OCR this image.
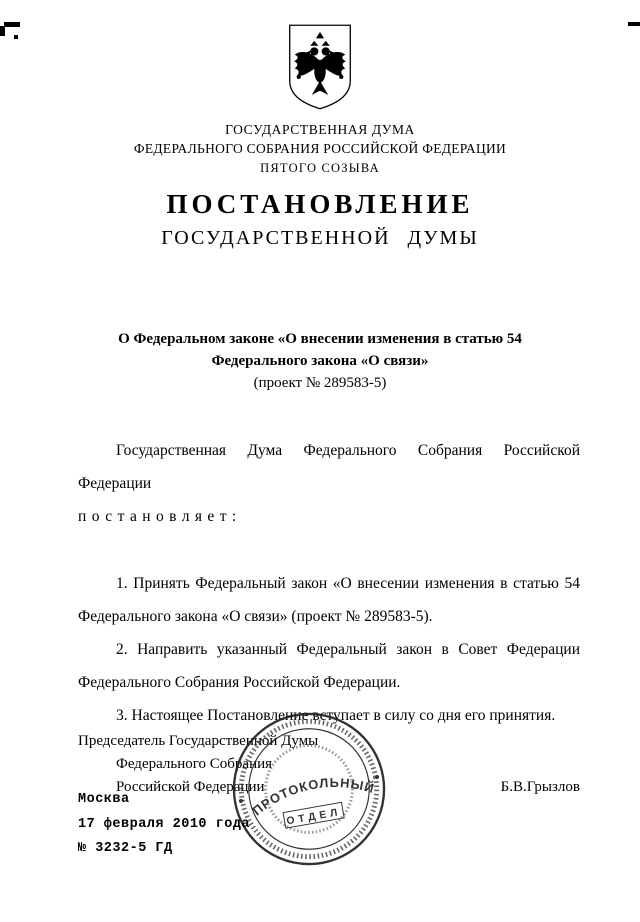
ГОСУДАРСТВЕННАЯ ДУМА
ФЕДЕРАЛЬНОГО СОБРАНИЯ РОССИЙСКОЙ ФЕДЕРАЦИИ
ПЯТОГО СОЗЫВА
ПОСТАНОВЛЕНИЕ
ГОСУДАРСТВЕННОЙ ДУМЫ
О Федеральном законе «О внесении изменения в статью 54
Федерального закона «О связи»
(проект № 289583-5)
Государственная Дума Федерального Собрания Российской Федерации
постановляет:

1. Принять Федеральный закон «О внесении изменения в статью 54 Федерального закона «О связи» (проект № 289583-5).

2. Направить указанный Федеральный закон в Совет Федерации Федерального Собрания Российской Федерации.

3. Настоящее Постановление вступает в силу со дня его принятия.

Председатель Государственной Думы
Федерального Собрания
Российской Федерации	Б.В.Грызлов
ПРОТОКОЛЬНЫЙ
ОТДЕЛ
Москва
17 февраля 2010 года
№ 3232-5 ГД
